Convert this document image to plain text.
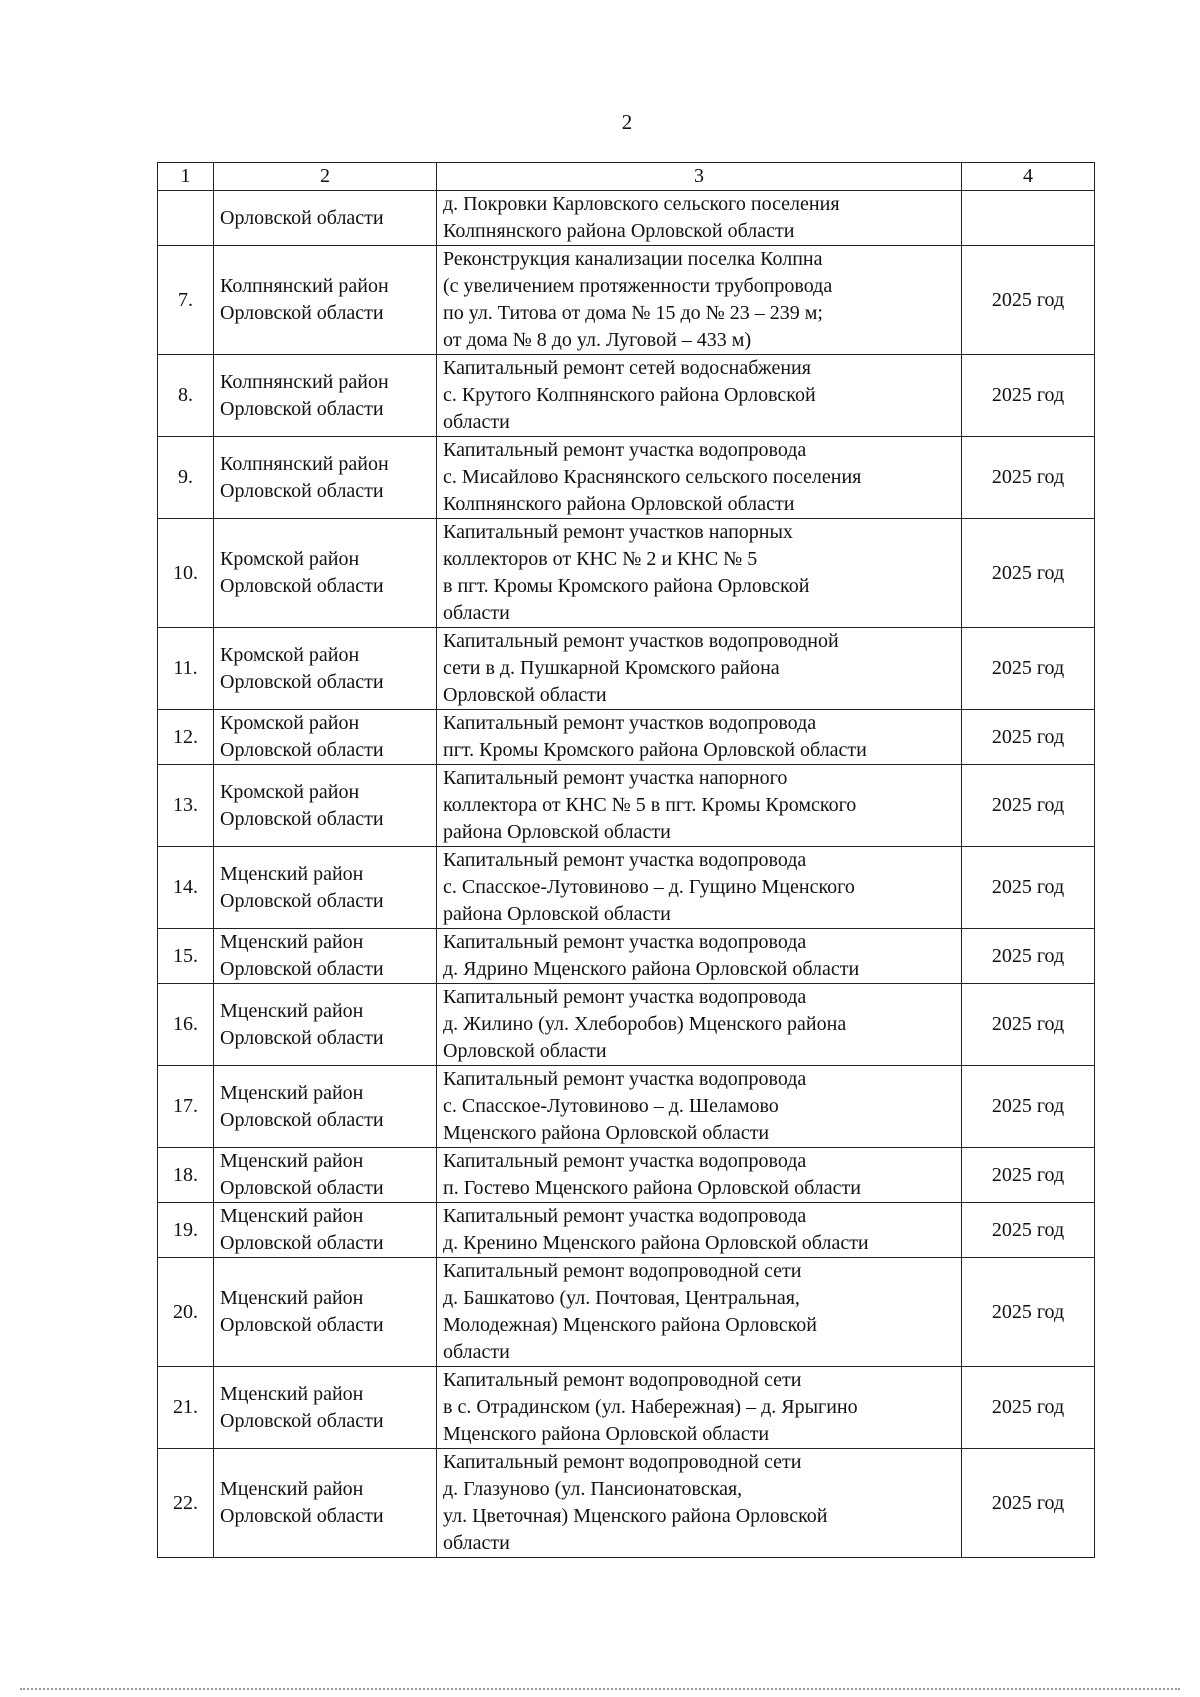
2
1	2	3	4
	Орловской области	д. Покровки Карловского сельского поселения
Колпнянского района Орловской области	

7.	Колпнянский район
Орловской области	Реконструкция канализации поселка Колпна
(с увеличением протяженности трубопровода
по ул. Титова от дома № 15 до № 23 – 239 м;
от дома № 8 до ул. Луговой – 433 м)	2025 год
8.	Колпнянский район
Орловской области	Капитальный ремонт сетей водоснабжения
с. Крутого Колпнянского района Орловской
области	2025 год
9.	Колпнянский район
Орловской области	Капитальный ремонт участка водопровода
с. Мисайлово Краснянского сельского поселения
Колпнянского района Орловской области	2025 год
10.	Кромской район
Орловской области	Капитальный ремонт участков напорных
коллекторов от КНС № 2 и КНС № 5
в пгт. Кромы Кромского района Орловской
области	2025 год
11.	Кромской район
Орловской области	Капитальный ремонт участков водопроводной
сети в д. Пушкарной Кромского района
Орловской области	2025 год
12.	Кромской район
Орловской области	Капитальный ремонт участков водопровода
пгт. Кромы Кромского района Орловской области	2025 год
13.	Кромской район
Орловской области	Капитальный ремонт участка напорного
коллектора от КНС № 5 в пгт. Кромы Кромского
района Орловской области	2025 год
14.	Мценский район
Орловской области	Капитальный ремонт участка водопровода
с. Спасское-Лутовиново – д. Гущино Мценского
района Орловской области	2025 год
15.	Мценский район
Орловской области	Капитальный ремонт участка водопровода
д. Ядрино Мценского района Орловской области	2025 год
16.	Мценский район
Орловской области	Капитальный ремонт участка водопровода
д. Жилино (ул. Хлеборобов) Мценского района
Орловской области	2025 год
17.	Мценский район
Орловской области	Капитальный ремонт участка водопровода
с. Спасское-Лутовиново – д. Шеламово
Мценского района Орловской области	2025 год
18.	Мценский район
Орловской области	Капитальный ремонт участка водопровода
п. Гостево Мценского района Орловской области	2025 год
19.	Мценский район
Орловской области	Капитальный ремонт участка водопровода
д. Кренино Мценского района Орловской области	2025 год
20.	Мценский район
Орловской области	Капитальный ремонт водопроводной сети
д. Башкатово (ул. Почтовая, Центральная,
Молодежная) Мценского района Орловской
области	2025 год
21.	Мценский район
Орловской области	Капитальный ремонт водопроводной сети
в с. Отрадинском (ул. Набережная) – д. Ярыгино
Мценского района Орловской области	2025 год
22.	Мценский район
Орловской области	Капитальный ремонт водопроводной сети
д. Глазуново (ул. Пансионатовская,
ул. Цветочная) Мценского района Орловской
области	2025 год
